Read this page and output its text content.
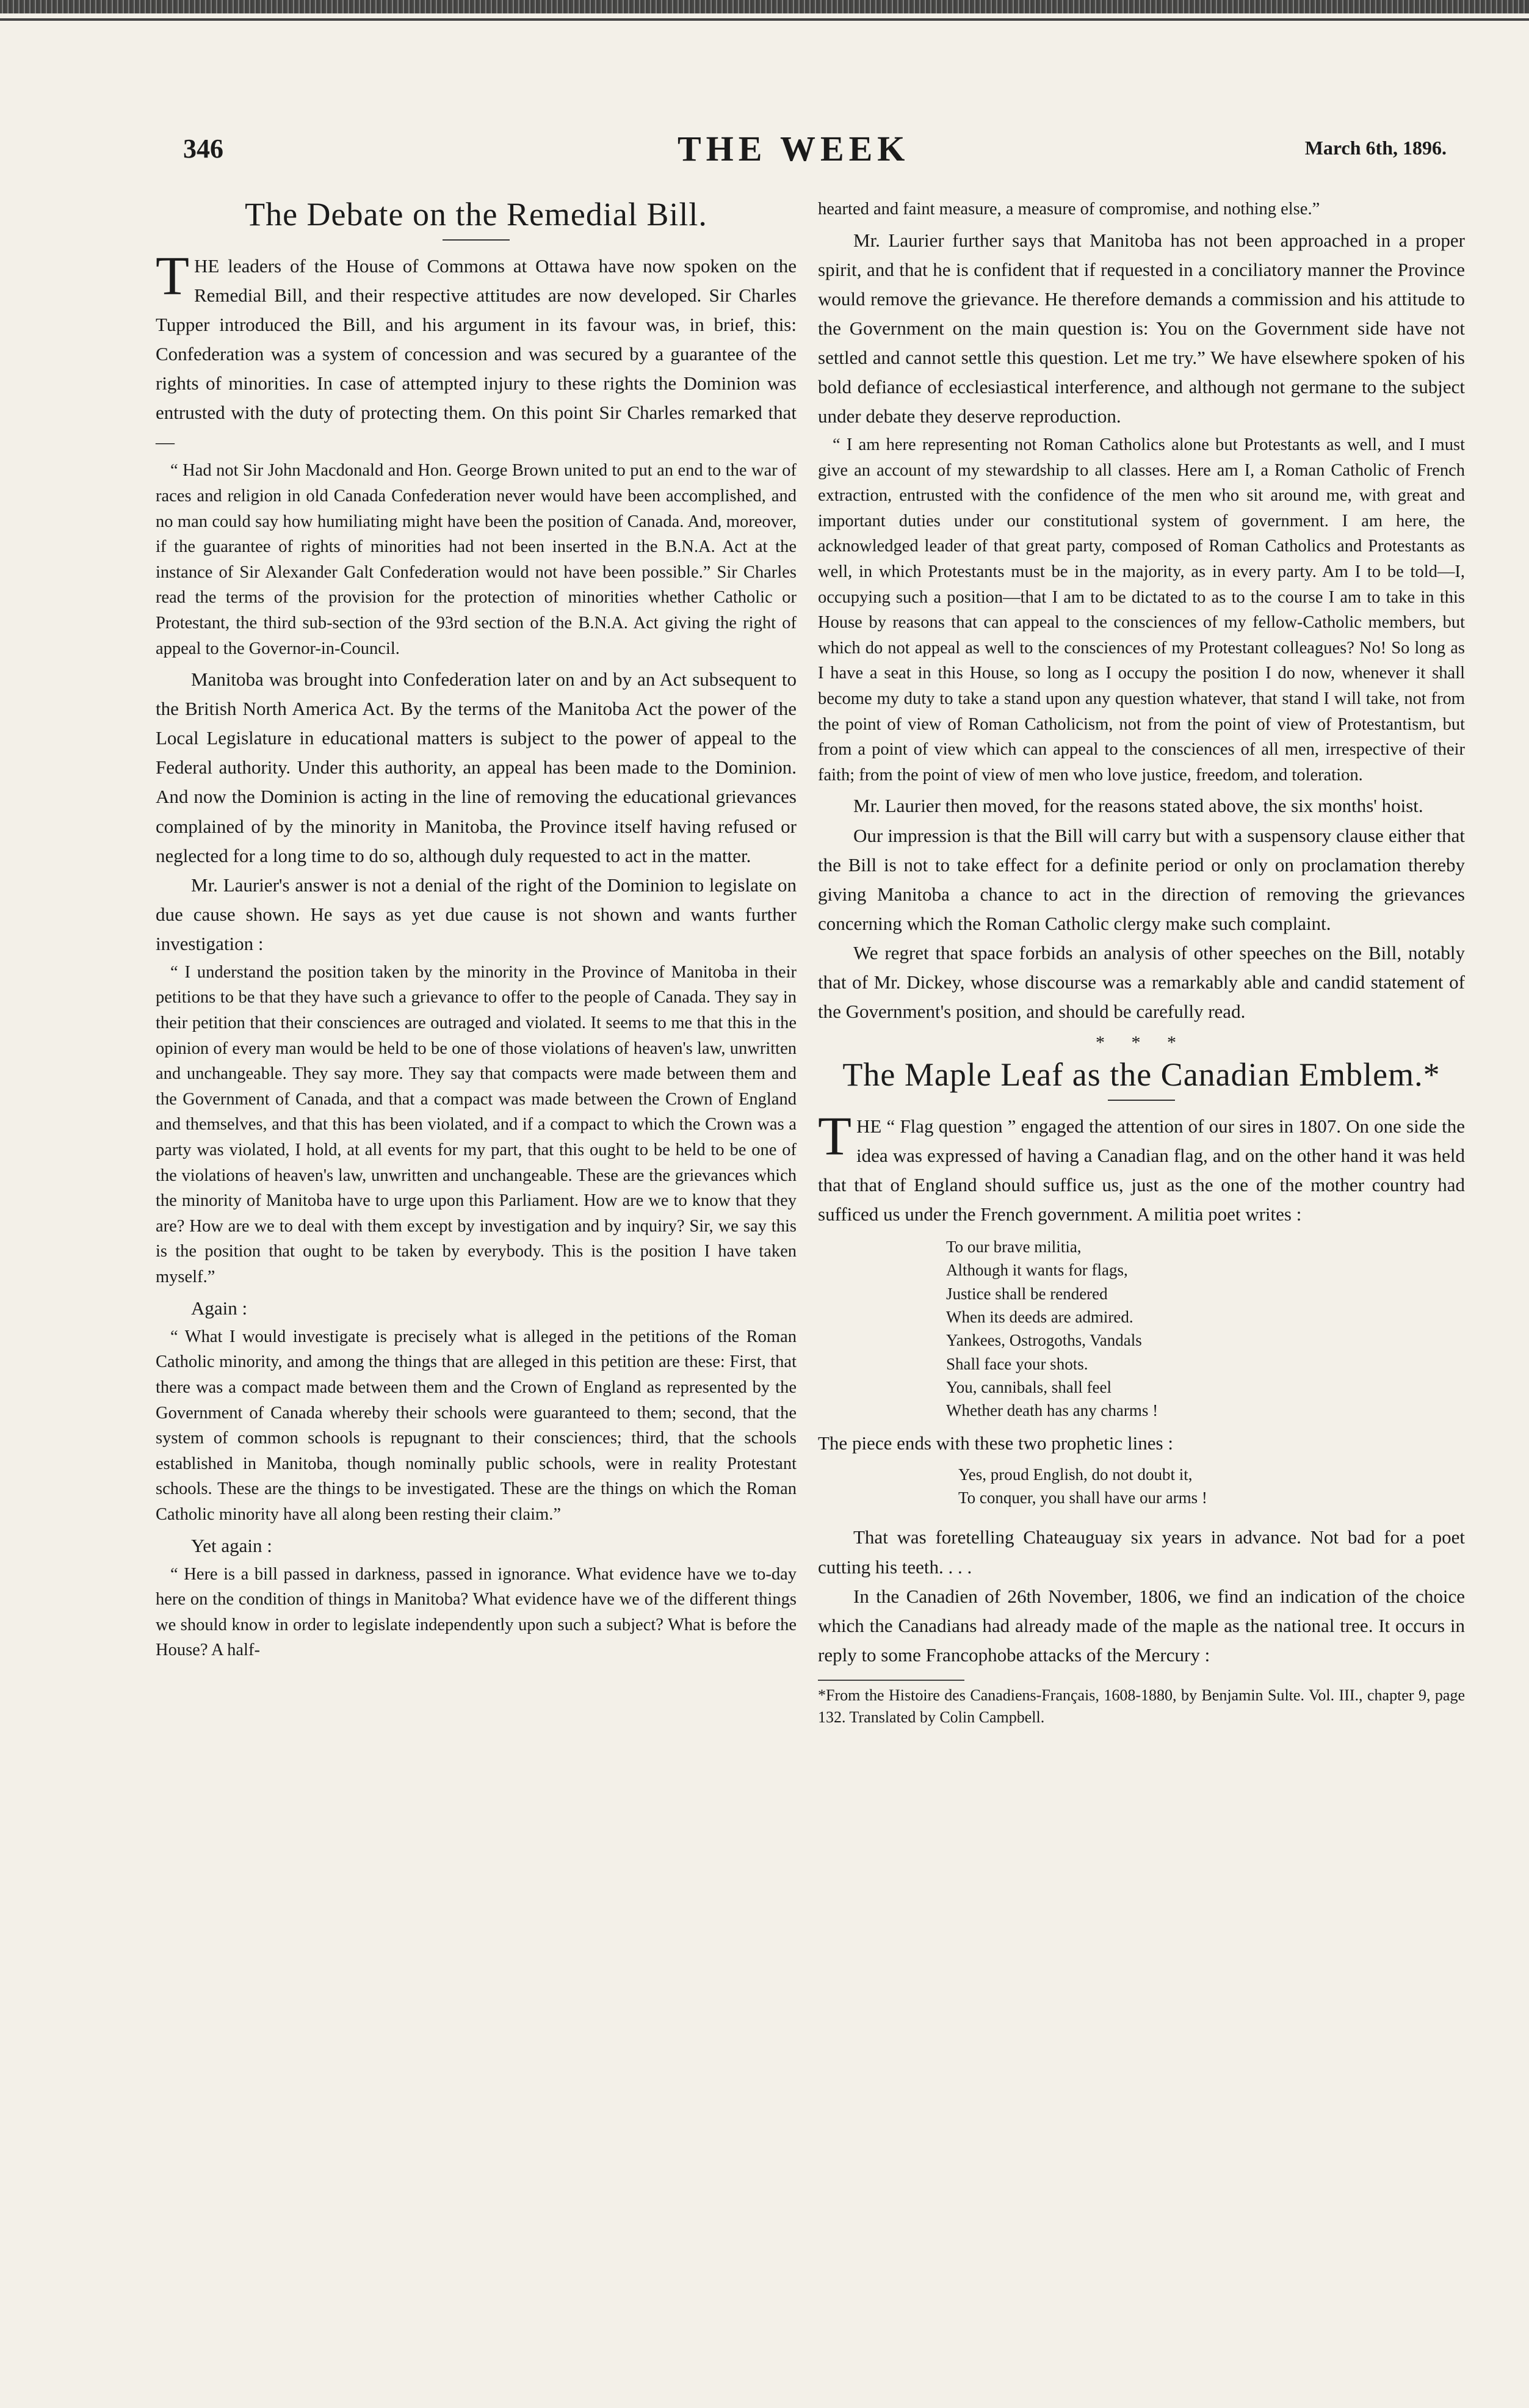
346	THE WEEK	March 6th, 1896.
The Debate on the Remedial Bill.

THE leaders of the House of Commons at Ottawa have now spoken on the Remedial Bill, and their respective attitudes are now developed. Sir Charles Tupper introduced the Bill, and his argument in its favour was, in brief, this: Confederation was a system of concession and was secured by a guarantee of the rights of minorities. In case of attempted injury to these rights the Dominion was entrusted with the duty of protecting them. On this point Sir Charles remarked that—

“ Had not Sir John Macdonald and Hon. George Brown united to put an end to the war of races and religion in old Canada Confederation never would have been accomplished, and no man could say how humiliating might have been the position of Canada. And, moreover, if the guarantee of rights of minorities had not been inserted in the B.N.A. Act at the instance of Sir Alexander Galt Confederation would not have been possible.” Sir Charles read the terms of the provision for the protection of minorities whether Catholic or Protestant, the third sub-section of the 93rd section of the B.N.A. Act giving the right of appeal to the Governor-in-Council.

Manitoba was brought into Confederation later on and by an Act subsequent to the British North America Act. By the terms of the Manitoba Act the power of the Local Legislature in educational matters is subject to the power of appeal to the Federal authority. Under this authority, an appeal has been made to the Dominion. And now the Dominion is acting in the line of removing the educational grievances complained of by the minority in Manitoba, the Province itself having refused or neglected for a long time to do so, although duly requested to act in the matter.

Mr. Laurier's answer is not a denial of the right of the Dominion to legislate on due cause shown. He says as yet due cause is not shown and wants further investigation :

“ I understand the position taken by the minority in the Province of Manitoba in their petitions to be that they have such a grievance to offer to the people of Canada. They say in their petition that their consciences are outraged and violated. It seems to me that this in the opinion of every man would be held to be one of those violations of heaven's law, unwritten and unchangeable. They say more. They say that compacts were made between them and the Government of Canada, and that a compact was made between the Crown of England and themselves, and that this has been violated, and if a compact to which the Crown was a party was violated, I hold, at all events for my part, that this ought to be held to be one of the violations of heaven's law, unwritten and unchangeable. These are the grievances which the minority of Manitoba have to urge upon this Parliament. How are we to know that they are? How are we to deal with them except by investigation and by inquiry? Sir, we say this is the position that ought to be taken by everybody. This is the position I have taken myself.”

Again :

“ What I would investigate is precisely what is alleged in the petitions of the Roman Catholic minority, and among the things that are alleged in this petition are these: First, that there was a compact made between them and the Crown of England as represented by the Government of Canada whereby their schools were guaranteed to them; second, that the system of common schools is repugnant to their consciences; third, that the schools established in Manitoba, though nominally public schools, were in reality Protestant schools. These are the things to be investigated. These are the things on which the Roman Catholic minority have all along been resting their claim.”

Yet again :

“ Here is a bill passed in darkness, passed in ignorance. What evidence have we to-day here on the condition of things in Manitoba? What evidence have we of the different things we should know in order to legislate independently upon such a subject? What is before the House? A half-

hearted and faint measure, a measure of compromise, and nothing else.”

Mr. Laurier further says that Manitoba has not been approached in a proper spirit, and that he is confident that if requested in a conciliatory manner the Province would remove the grievance. He therefore demands a commission and his attitude to the Government on the main question is: You on the Government side have not settled and cannot settle this question. Let me try.” We have elsewhere spoken of his bold defiance of ecclesiastical interference, and although not germane to the subject under debate they deserve reproduction.

“ I am here representing not Roman Catholics alone but Protestants as well, and I must give an account of my stewardship to all classes. Here am I, a Roman Catholic of French extraction, entrusted with the confidence of the men who sit around me, with great and important duties under our constitutional system of government. I am here, the acknowledged leader of that great party, composed of Roman Catholics and Protestants as well, in which Protestants must be in the majority, as in every party. Am I to be told—I, occupying such a position—that I am to be dictated to as to the course I am to take in this House by reasons that can appeal to the consciences of my fellow-Catholic members, but which do not appeal as well to the consciences of my Protestant colleagues? No! So long as I have a seat in this House, so long as I occupy the position I do now, whenever it shall become my duty to take a stand upon any question whatever, that stand I will take, not from the point of view of Roman Catholicism, not from the point of view of Protestantism, but from a point of view which can appeal to the consciences of all men, irrespective of their faith; from the point of view of men who love justice, freedom, and toleration.

Mr. Laurier then moved, for the reasons stated above, the six months' hoist.

Our impression is that the Bill will carry but with a suspensory clause either that the Bill is not to take effect for a definite period or only on proclamation thereby giving Manitoba a chance to act in the direction of removing the grievances concerning which the Roman Catholic clergy make such complaint.

We regret that space forbids an analysis of other speeches on the Bill, notably that of Mr. Dickey, whose discourse was a remarkably able and candid statement of the Government's position, and should be carefully read.

* * *
The Maple Leaf as the Canadian Emblem.*

THE “ Flag question ” engaged the attention of our sires in 1807. On one side the idea was expressed of having a Canadian flag, and on the other hand it was held that that of England should suffice us, just as the one of the mother country had sufficed us under the French government. A militia poet writes :

To our brave militia,
Although it wants for flags,
Justice shall be rendered
When its deeds are admired.
Yankees, Ostrogoths, Vandals
Shall face your shots.
You, cannibals, shall feel
Whether death has any charms !

The piece ends with these two prophetic lines :

Yes, proud English, do not doubt it,
To conquer, you shall have our arms !

That was foretelling Chateauguay six years in advance. Not bad for a poet cutting his teeth. . . .

In the Canadien of 26th November, 1806, we find an indication of the choice which the Canadians had already made of the maple as the national tree. It occurs in reply to some Francophobe attacks of the Mercury :

*From the Histoire des Canadiens-Français, 1608-1880, by Benjamin Sulte. Vol. III., chapter 9, page 132. Translated by Colin Campbell.
